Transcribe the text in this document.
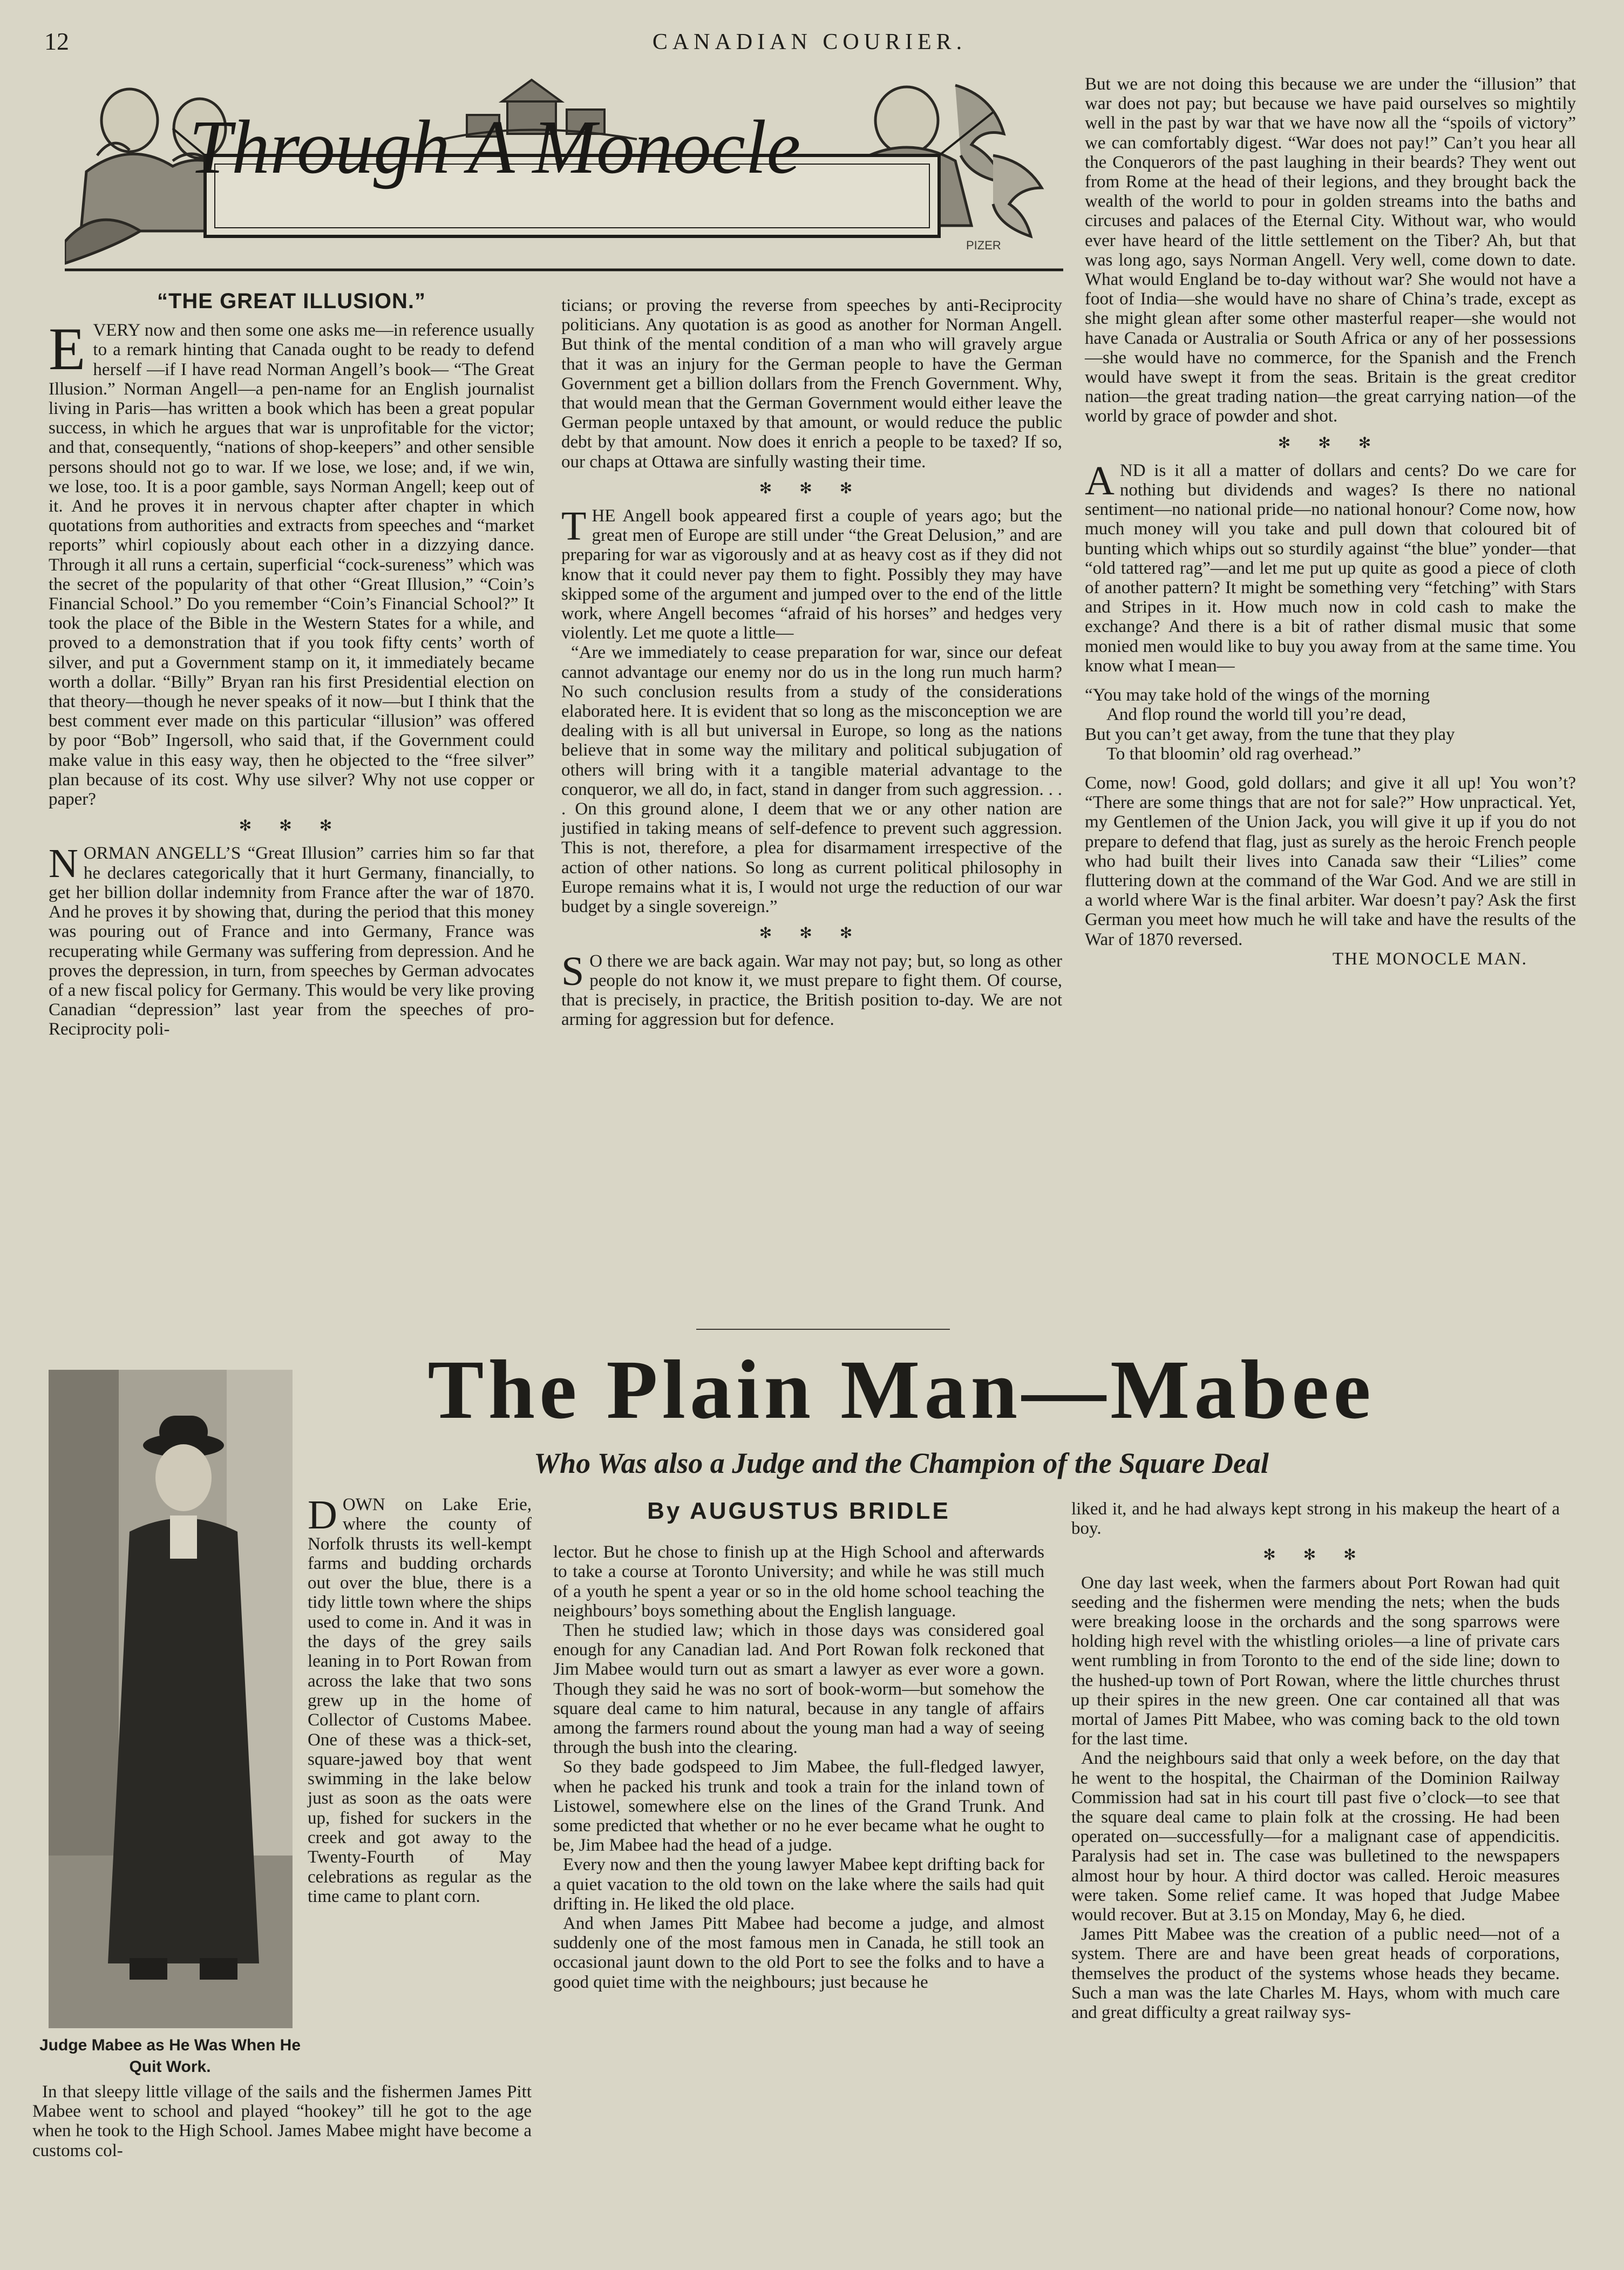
12	CANADIAN COURIER.
Through A Monocle
PIZER
“THE GREAT ILLUSION.”

EVERY now and then some one asks me—in reference usually to a remark hinting that Canada ought to be ready to defend herself —if I have read Norman Angell’s book— “The Great Illusion.” Norman Angell—a pen-name for an English journalist living in Paris—has written a book which has been a great popular success, in which he argues that war is unprofitable for the victor; and that, consequently, “nations of shop-keepers” and other sensible persons should not go to war. If we lose, we lose; and, if we win, we lose, too. It is a poor gamble, says Norman Angell; keep out of it. And he proves it in nervous chapter after chapter in which quotations from authorities and extracts from speeches and “market reports” whirl copiously about each other in a dizzying dance. Through it all runs a certain, superficial “cock-sureness” which was the secret of the popularity of that other “Great Illusion,” “Coin’s Financial School.” Do you remember “Coin’s Financial School?” It took the place of the Bible in the Western States for a while, and proved to a demonstration that if you took fifty cents’ worth of silver, and put a Government stamp on it, it immediately became worth a dollar. “Billy” Bryan ran his first Presidential election on that theory—though he never speaks of it now—but I think that the best comment ever made on this particular “illusion” was offered by poor “Bob” Ingersoll, who said that, if the Government could make value in this easy way, then he objected to the “free silver” plan because of its cost. Why use silver? Why not use copper or paper?

✻ ✻ ✻

NORMAN ANGELL’S “Great Illusion” carries him so far that he declares categorically that it hurt Germany, financially, to get her billion dollar indemnity from France after the war of 1870. And he proves it by showing that, during the period that this money was pouring out of France and into Germany, France was recuperating while Germany was suffering from depression. And he proves the depression, in turn, from speeches by German advocates of a new fiscal policy for Germany. This would be very like proving Canadian “depression” last year from the speeches of pro-Reciprocity poli-

ticians; or proving the reverse from speeches by anti-Reciprocity politicians. Any quotation is as good as another for Norman Angell. But think of the mental condition of a man who will gravely argue that it was an injury for the German people to have the German Government get a billion dollars from the French Government. Why, that would mean that the German Government would either leave the German people untaxed by that amount, or would reduce the public debt by that amount. Now does it enrich a people to be taxed? If so, our chaps at Ottawa are sinfully wasting their time.

✻ ✻ ✻

THE Angell book appeared first a couple of years ago; but the great men of Europe are still under “the Great Delusion,” and are preparing for war as vigorously and at as heavy cost as if they did not know that it could never pay them to fight. Possibly they may have skipped some of the argument and jumped over to the end of the little work, where Angell becomes “afraid of his horses” and hedges very violently. Let me quote a little—

“Are we immediately to cease preparation for war, since our defeat cannot advantage our enemy nor do us in the long run much harm? No such conclusion results from a study of the considerations elaborated here. It is evident that so long as the misconception we are dealing with is all but universal in Europe, so long as the nations believe that in some way the military and political subjugation of others will bring with it a tangible material advantage to the conqueror, we all do, in fact, stand in danger from such aggression. . . . On this ground alone, I deem that we or any other nation are justified in taking means of self-defence to prevent such aggression. This is not, therefore, a plea for disarmament irrespective of the action of other nations. So long as current political philosophy in Europe remains what it is, I would not urge the reduction of our war budget by a single sovereign.”

✻ ✻ ✻

S O there we are back again. War may not pay; but, so long as other people do not know it, we must prepare to fight them. Of course, that is precisely, in practice, the British position to-day. We are not arming for aggression but for defence.

But we are not doing this because we are under the “illusion” that war does not pay; but because we have paid ourselves so mightily well in the past by war that we have now all the “spoils of victory” we can comfortably digest. “War does not pay!” Can’t you hear all the Conquerors of the past laughing in their beards? They went out from Rome at the head of their legions, and they brought back the wealth of the world to pour in golden streams into the baths and circuses and palaces of the Eternal City. Without war, who would ever have heard of the little settlement on the Tiber? Ah, but that was long ago, says Norman Angell. Very well, come down to date. What would England be to-day without war? She would not have a foot of India—she would have no share of China’s trade, except as she might glean after some other masterful reaper—she would not have Canada or Australia or South Africa or any of her possessions —she would have no commerce, for the Spanish and the French would have swept it from the seas. Britain is the great creditor nation—the great trading nation—the great carrying nation—of the world by grace of powder and shot.

✻ ✻ ✻

AND is it all a matter of dollars and cents? Do we care for nothing but dividends and wages? Is there no national sentiment—no national pride—no national honour? Come now, how much money will you take and pull down that coloured bit of bunting which whips out so sturdily against “the blue” yonder—that “old tattered rag”—and let me put up quite as good a piece of cloth of another pattern? It might be something very “fetching” with Stars and Stripes in it. How much now in cold cash to make the exchange? And there is a bit of rather dismal music that some monied men would like to buy you away from at the same time. You know what I mean—

“You may take hold of the wings of the morning

And flop round the world till you’re dead,

But you can’t get away, from the tune that they play

To that bloomin’ old rag overhead.”

Come, now! Good, gold dollars; and give it all up! You won’t? “There are some things that are not for sale?” How unpractical. Yet, my Gentlemen of the Union Jack, you will give it up if you do not prepare to defend that flag, just as surely as the heroic French people who had built their lives into Canada saw their “Lilies” come fluttering down at the command of the War God. And we are still in a world where War is the final arbiter. War doesn’t pay? Ask the first German you meet how much he will take and have the results of the War of 1870 reversed.

THE MONOCLE MAN.

Judge Mabee as He Was When He Quit Work.
The Plain Man—Mabee
Who Was also a Judge and the Champion of the Square Deal

DOWN on Lake Erie, where the county of Norfolk thrusts its well-kempt farms and budding orchards out over the blue, there is a tidy little town where the ships used to come in. And it was in the days of the grey sails leaning in to Port Rowan from across the lake that two sons grew up in the home of Collector of Customs Mabee. One of these was a thick-set, square-jawed boy that went swimming in the lake below just as soon as the oats were up, fished for suckers in the creek and got away to the Twenty-Fourth of May celebrations as regular as the time came to plant corn.

In that sleepy little village of the sails and the fishermen James Pitt Mabee went to school and played “hookey” till he got to the age when he took to the High School. James Mabee might have become a customs col-

By AUGUSTUS BRIDLE

lector. But he chose to finish up at the High School and afterwards to take a course at Toronto University; and while he was still much of a youth he spent a year or so in the old home school teaching the neighbours’ boys something about the English language.

Then he studied law; which in those days was considered goal enough for any Canadian lad. And Port Rowan folk reckoned that Jim Mabee would turn out as smart a lawyer as ever wore a gown. Though they said he was no sort of book-worm—but somehow the square deal came to him natural, because in any tangle of affairs among the farmers round about the young man had a way of seeing through the bush into the clearing.

So they bade godspeed to Jim Mabee, the full-fledged lawyer, when he packed his trunk and took a train for the inland town of Listowel, somewhere else on the lines of the Grand Trunk. And some predicted that whether or no he ever became what he ought to be, Jim Mabee had the head of a judge.

Every now and then the young lawyer Mabee kept drifting back for a quiet vacation to the old town on the lake where the sails had quit drifting in. He liked the old place.

And when James Pitt Mabee had become a judge, and almost suddenly one of the most famous men in Canada, he still took an occasional jaunt down to the old Port to see the folks and to have a good quiet time with the neighbours; just because he

liked it, and he had always kept strong in his makeup the heart of a boy.

✻ ✻ ✻

One day last week, when the farmers about Port Rowan had quit seeding and the fishermen were mending the nets; when the buds were breaking loose in the orchards and the song sparrows were holding high revel with the whistling orioles—a line of private cars went rumbling in from Toronto to the end of the side line; down to the hushed-up town of Port Rowan, where the little churches thrust up their spires in the new green. One car contained all that was mortal of James Pitt Mabee, who was coming back to the old town for the last time.

And the neighbours said that only a week before, on the day that he went to the hospital, the Chairman of the Dominion Railway Commission had sat in his court till past five o’clock—to see that the square deal came to plain folk at the crossing. He had been operated on—successfully—for a malignant case of appendicitis. Paralysis had set in. The case was bulletined to the newspapers almost hour by hour. A third doctor was called. Heroic measures were taken. Some relief came. It was hoped that Judge Mabee would recover. But at 3.15 on Monday, May 6, he died.

James Pitt Mabee was the creation of a public need—not of a system. There are and have been great heads of corporations, themselves the product of the systems whose heads they became. Such a man was the late Charles M. Hays, whom with much care and great difficulty a great railway sys-
